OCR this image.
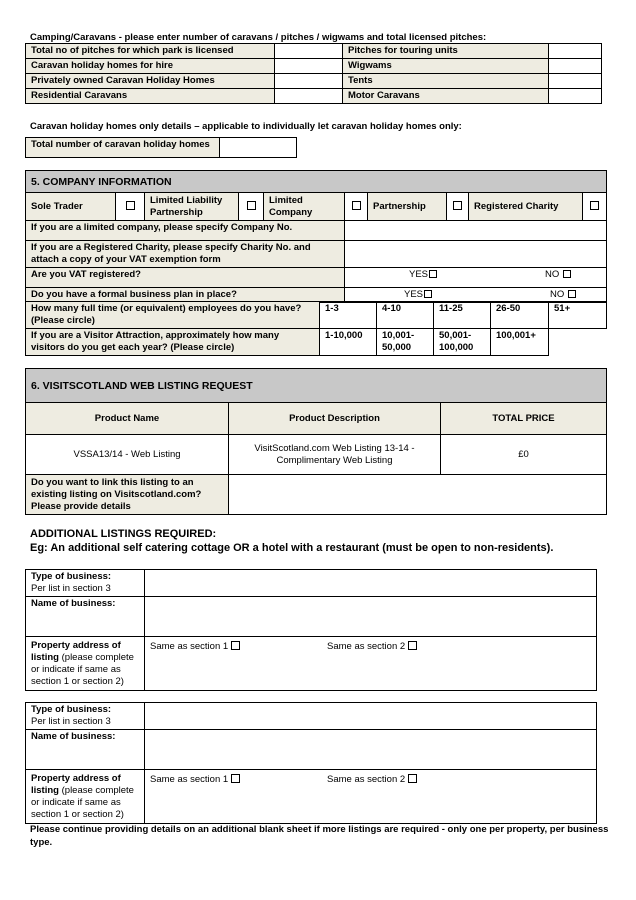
Camping/Caravans - please enter number of caravans / pitches / wigwams and total licensed pitches:
Total no of pitches for which park is licensed		Pitches for touring units	
Caravan holiday homes for hire		Wigwams	
Privately owned Caravan Holiday Homes		Tents	
Residential Caravans		Motor Caravans	
Caravan holiday homes only details – applicable to individually let caravan holiday homes only:
Total number of caravan holiday homes	
5. COMPANY INFORMATION									
Sole Trader		Limited Liability Partnership		Limited Company		Partnership		Registered Charity	
If you are a limited company, please specify Company No.									
If you are a Registered Charity, please specify Charity No. and attach a copy of your VAT exemption form									
Are you VAT registered?					YES NO				

Do you have a formal business plan in place?					YES NO				
How many full time (or equivalent) employees do you have? (Please circle)	1-3	4-10	11-25	26-50	51+
If you are a Visitor Attraction, approximately how many visitors do you get each year? (Please circle)	1-10,000	10,001-50,000	50,001-100,000	100,001+	
6. VISITSCOTLAND WEB LISTING REQUEST		
Product Name	Product Description	TOTAL PRICE
VSSA13/14 - Web Listing	VisitScotland.com Web Listing 13-14 - Complimentary Web Listing	£0
Do you want to link this listing to an existing listing on Visitscotland.com? Please provide details		
ADDITIONAL LISTINGS REQUIRED:
Eg: An additional self catering cottage OR a hotel with a restaurant (must be open to non-residents).
Type of business:
Per list in section 3	
Name of business:	
Property address of listing (please complete or indicate if same as section 1 or section 2)	Same as section 1 Same as section 2
Type of business:
Per list in section 3	
Name of business:	
Property address of listing (please complete or indicate if same as section 1 or section 2)	Same as section 1 Same as section 2
Please continue providing details on an additional blank sheet if more listings are required - only one per property, per business type.
